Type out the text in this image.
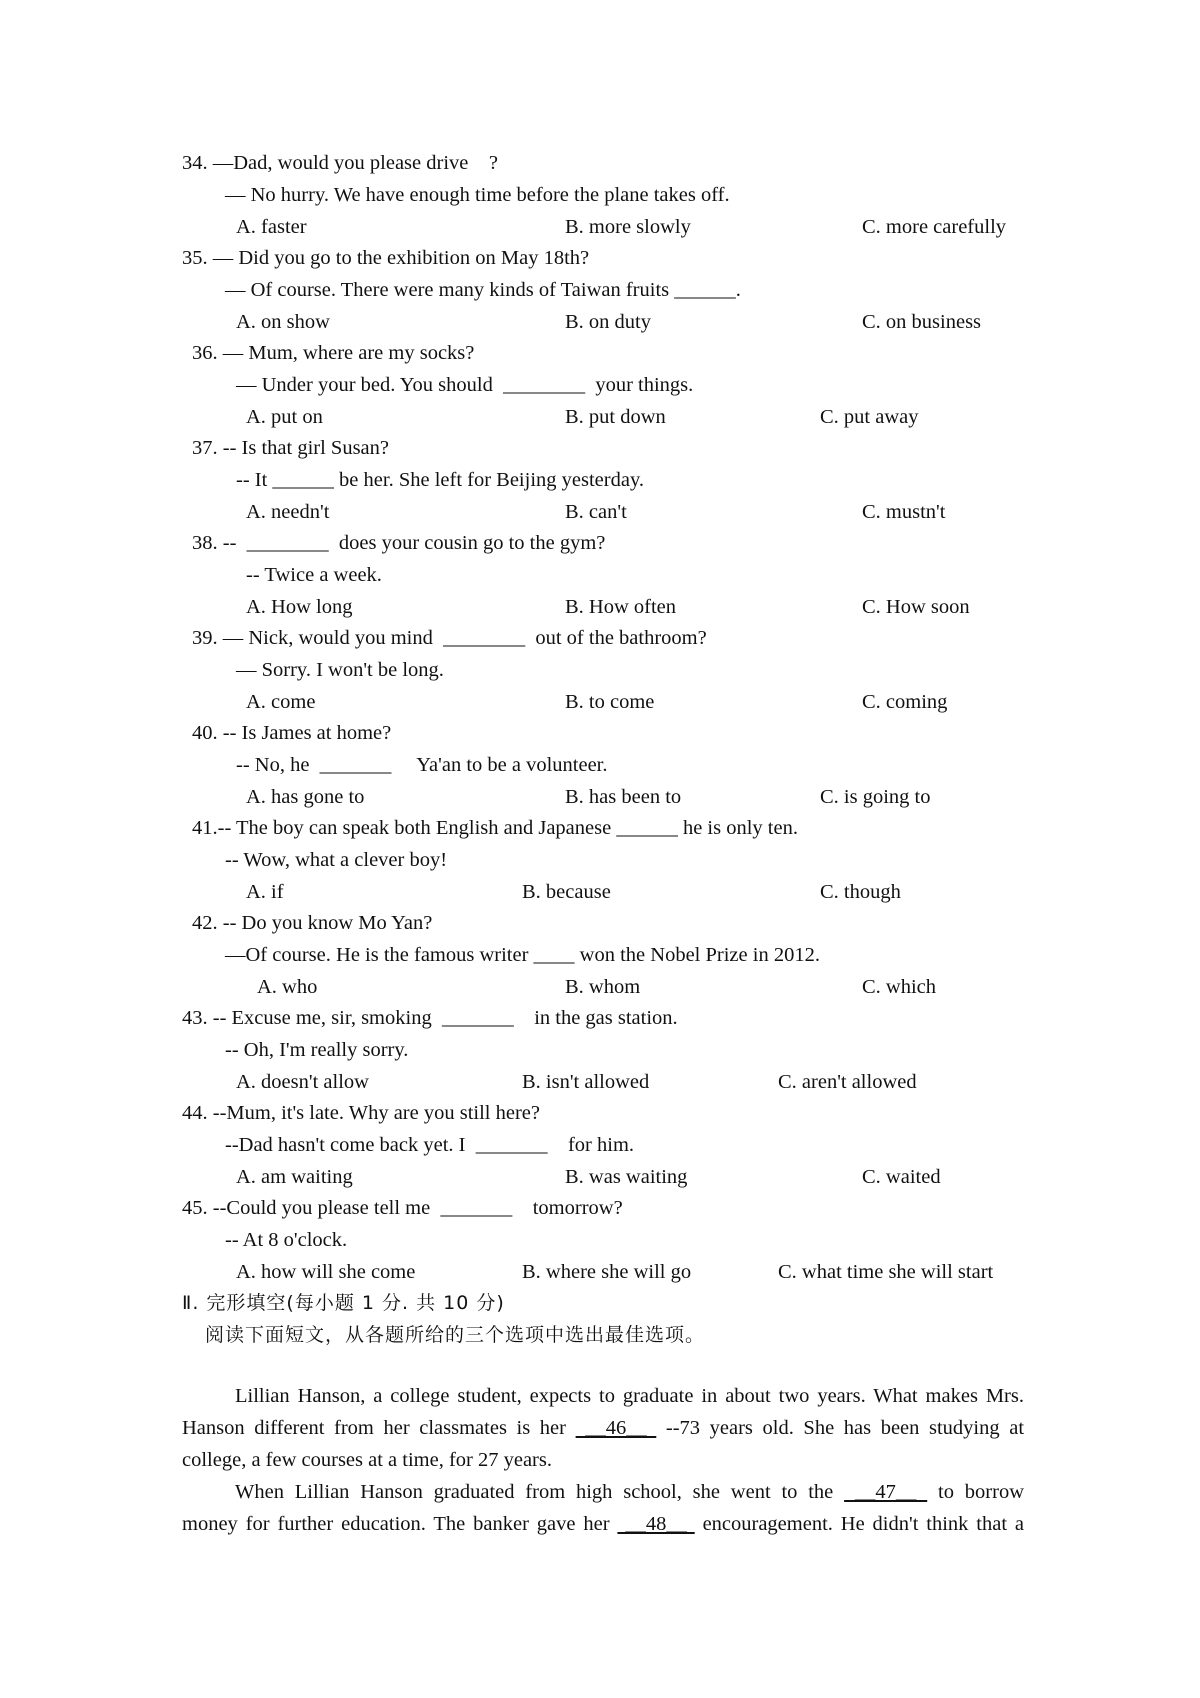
34. —Dad, would you please drive    ?
— No hurry. We have enough time before the plane takes off.

A. faster

	B. more slowly

	C. more carefully

35. — Did you go to the exhibition on May 18th?
— Of course. There were many kinds of Taiwan fruits ______.

A. on show

	B. on duty

	C. on business

36. — Mum, where are my socks?
— Under your bed. You should  ________  your things.

A. put on

	B. put down

	C. put away

37. -- Is that girl Susan?
-- It ______ be her. She left for Beijing yesterday.

A. needn't

	B. can't

	C. mustn't

38. --  ________  does your cousin go to the gym?
-- Twice a week.

A. How long

	B. How often

	C. How soon

39. — Nick, would you mind  ________  out of the bathroom?
— Sorry. I won't be long.

A. come

	B. to come

	C. coming

40. -- Is James at home?
-- No, he  _______     Ya'an to be a volunteer.

A. has gone to

	B. has been to

	C. is going to

41.-- The boy can speak both English and Japanese ______ he is only ten.
-- Wow, what a clever boy!

A. if

	B. because

	C. though

42. -- Do you know Mo Yan?
—Of course. He is the famous writer ____ won the Nobel Prize in 2012.

A. who

	B. whom

	C. which

43. -- Excuse me, sir, smoking  _______    in the gas station.
-- Oh, I'm really sorry.

A. doesn't allow

	B. isn't allowed

	C. aren't allowed

44. --Mum, it's late. Why are you still here?
--Dad hasn't come back yet. I  _______    for him.

A. am waiting

	B. was waiting

	C. waited

45. --Could you please tell me  _______    tomorrow?
-- At 8 o'clock.

A. how will she come

	B. where she will go

	C. what time she will start

Ⅱ. 完形填空(每小题 1 分. 共 10 分)
阅读下面短文，从各题所给的三个选项中选出最佳选项。
Lillian Hanson, a college student, expects to graduate in about two years. What makes Mrs.
Hanson different from her classmates is her  __46__  --73 years old. She has been studying at
college, a few courses at a time, for 27 years.
When Lillian Hanson graduated from high school, she went to the  __47__  to borrow
money for further education. The banker gave her  __48__  encouragement. He didn't think that a
